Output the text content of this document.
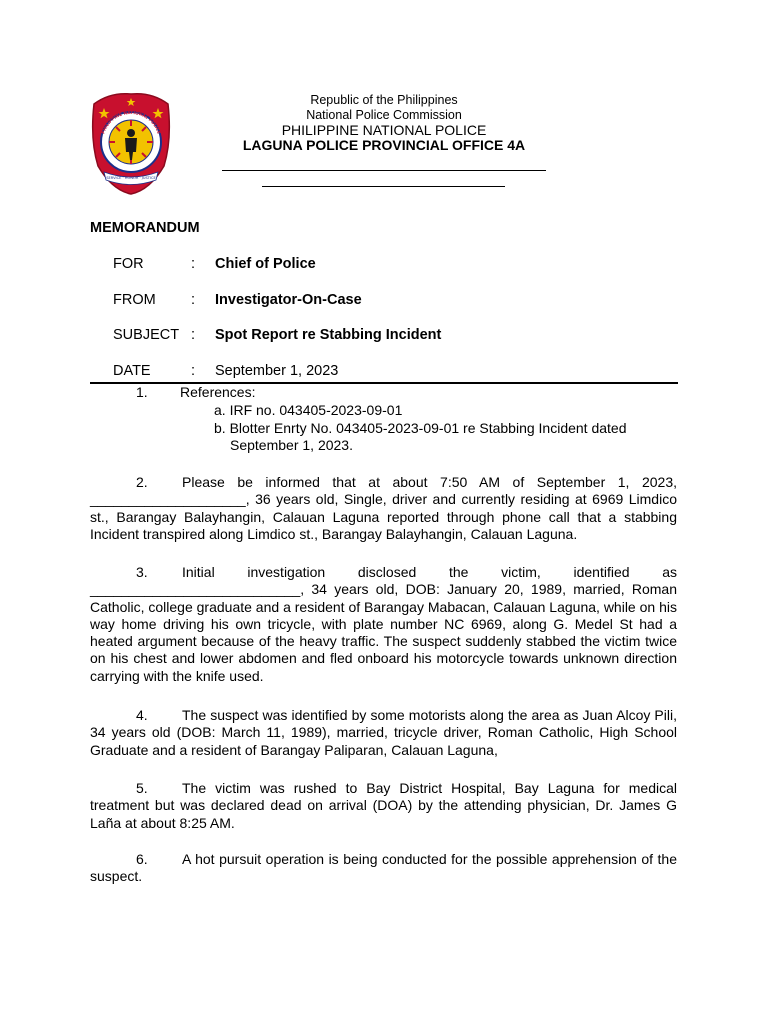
PHILIPPINE NATIONAL POLICE
SERVICE · HONOR · JUSTICE
Republic of the Philippines
National Police Commission
PHILIPPINE NATIONAL POLICE
LAGUNA POLICE PROVINCIAL OFFICE 4A
MEMORANDUM
FOR	: Chief of Police
FROM	: Investigator-On-Case
SUBJECT : Spot Report re Stabbing Incident
DATE	: September 1, 2023
1. References:
a. IRF no. 043405-2023-09-01
b. Blotter Enrty No. 043405-2023-09-01 re Stabbing Incident dated
September 1, 2023.
2. Please be informed that at about 7:50 AM of September 1, 2023, ____________________, 36 years old, Single, driver and currently residing at 6969 Limdico st., Barangay Balayhangin, Calauan Laguna reported through phone call that a stabbing Incident transpired along Limdico st., Barangay Balayhangin, Calauan Laguna.
3. Initial investigation disclosed the victim, identified as ___________________________, 34 years old, DOB: January 20, 1989, married, Roman Catholic, college graduate and a resident of Barangay Mabacan, Calauan Laguna, while on his way home driving his own tricycle, with plate number NC 6969, along G. Medel St had a heated argument because of the heavy traffic. The suspect suddenly stabbed the victim twice on his chest and lower abdomen and fled onboard his motorcycle towards unknown direction carrying with the knife used.
4. The suspect was identified by some motorists along the area as Juan Alcoy Pili, 34 years old (DOB: March 11, 1989), married, tricycle driver, Roman Catholic, High School Graduate and a resident of Barangay Paliparan, Calauan Laguna,
5. The victim was rushed to Bay District Hospital, Bay Laguna for medical treatment but was declared dead on arrival (DOA) by the attending physician, Dr. James G Laña at about 8:25 AM.
6. A hot pursuit operation is being conducted for the possible apprehension of the suspect.
